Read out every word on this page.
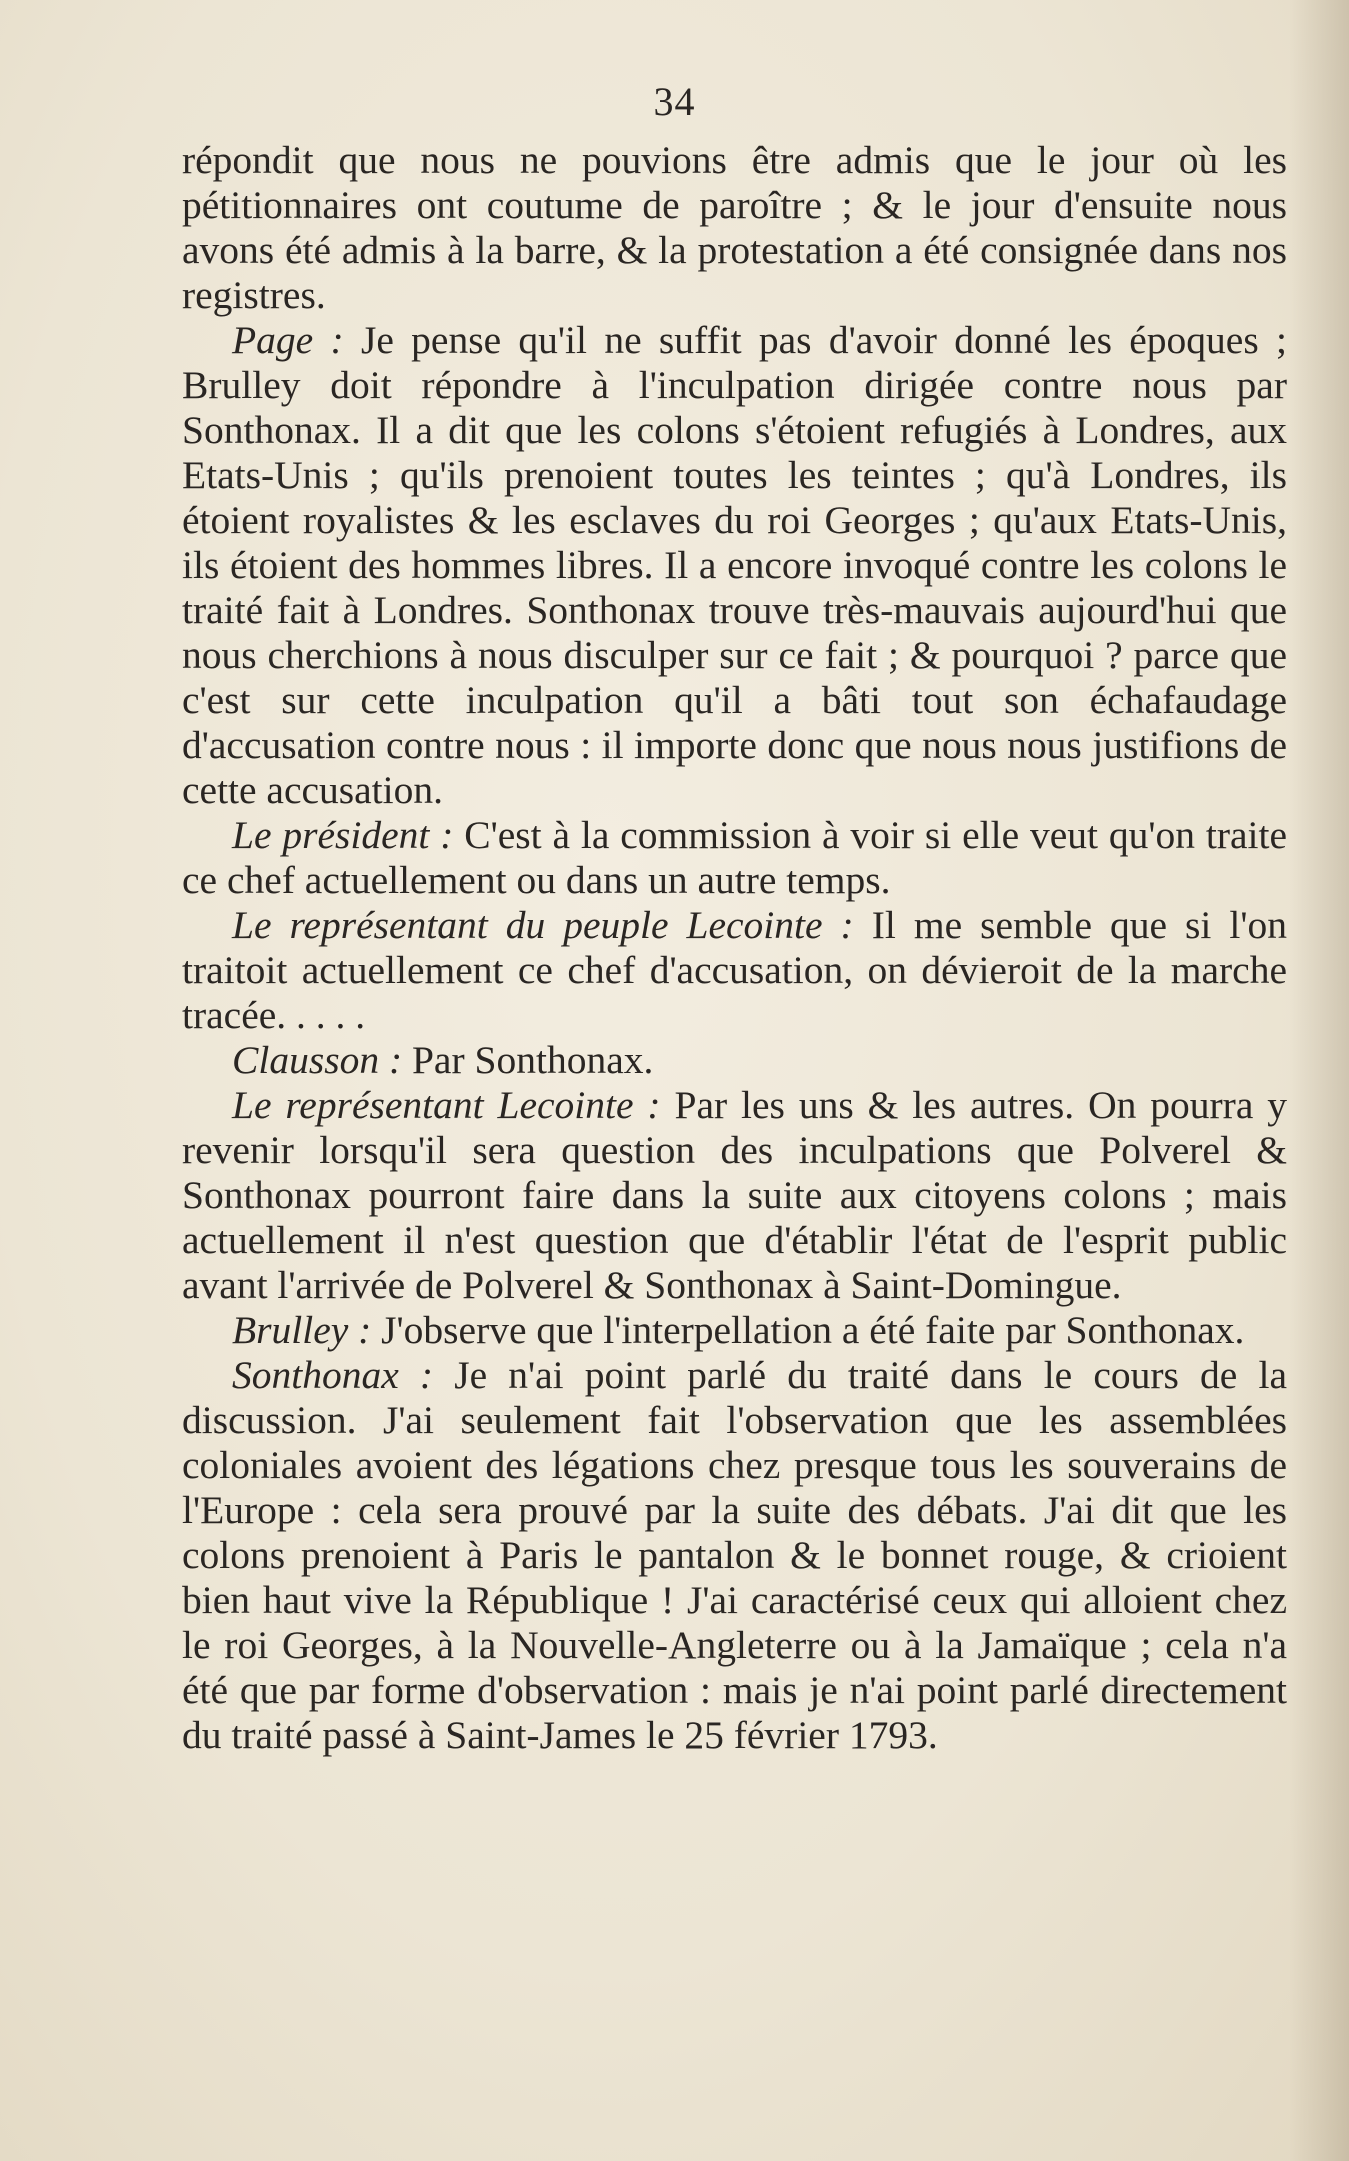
34

répondit que nous ne pouvions être admis que le jour où les pétitionnaires ont coutume de paroître ; & le jour d'ensuite nous avons été admis à la barre, & la protestation a été consignée dans nos registres.

Page : Je pense qu'il ne suffit pas d'avoir donné les époques ; Brulley doit répondre à l'inculpation dirigée contre nous par Sonthonax. Il a dit que les colons s'étoient refugiés à Londres, aux Etats-Unis ; qu'ils prenoient toutes les teintes ; qu'à Londres, ils étoient royalistes & les esclaves du roi Georges ; qu'aux Etats-Unis, ils étoient des hommes libres. Il a encore invoqué contre les colons le traité fait à Londres. Sonthonax trouve très-mauvais aujourd'hui que nous cherchions à nous disculper sur ce fait ; & pourquoi ? parce que c'est sur cette inculpation qu'il a bâti tout son échafaudage d'accusation contre nous : il importe donc que nous nous justifions de cette accusation.

Le président : C'est à la commission à voir si elle veut qu'on traite ce chef actuellement ou dans un autre temps.

Le représentant du peuple Lecointe : Il me semble que si l'on traitoit actuellement ce chef d'accusation, on dévieroit de la marche tracée. . . . .

Clausson : Par Sonthonax.

Le représentant Lecointe : Par les uns & les autres. On pourra y revenir lorsqu'il sera question des inculpations que Polverel & Sonthonax pourront faire dans la suite aux citoyens colons ; mais actuellement il n'est question que d'établir l'état de l'esprit public avant l'arrivée de Polverel & Sonthonax à Saint-Domingue.

Brulley : J'observe que l'interpellation a été faite par Sonthonax.

Sonthonax : Je n'ai point parlé du traité dans le cours de la discussion. J'ai seulement fait l'observation que les assemblées coloniales avoient des légations chez presque tous les souverains de l'Europe : cela sera prouvé par la suite des débats. J'ai dit que les colons prenoient à Paris le pantalon & le bonnet rouge, & crioient bien haut vive la République ! J'ai caractérisé ceux qui alloient chez le roi Georges, à la Nouvelle-Angleterre ou à la Jamaïque ; cela n'a été que par forme d'observation : mais je n'ai point parlé directement du traité passé à Saint-James le 25 février 1793.
